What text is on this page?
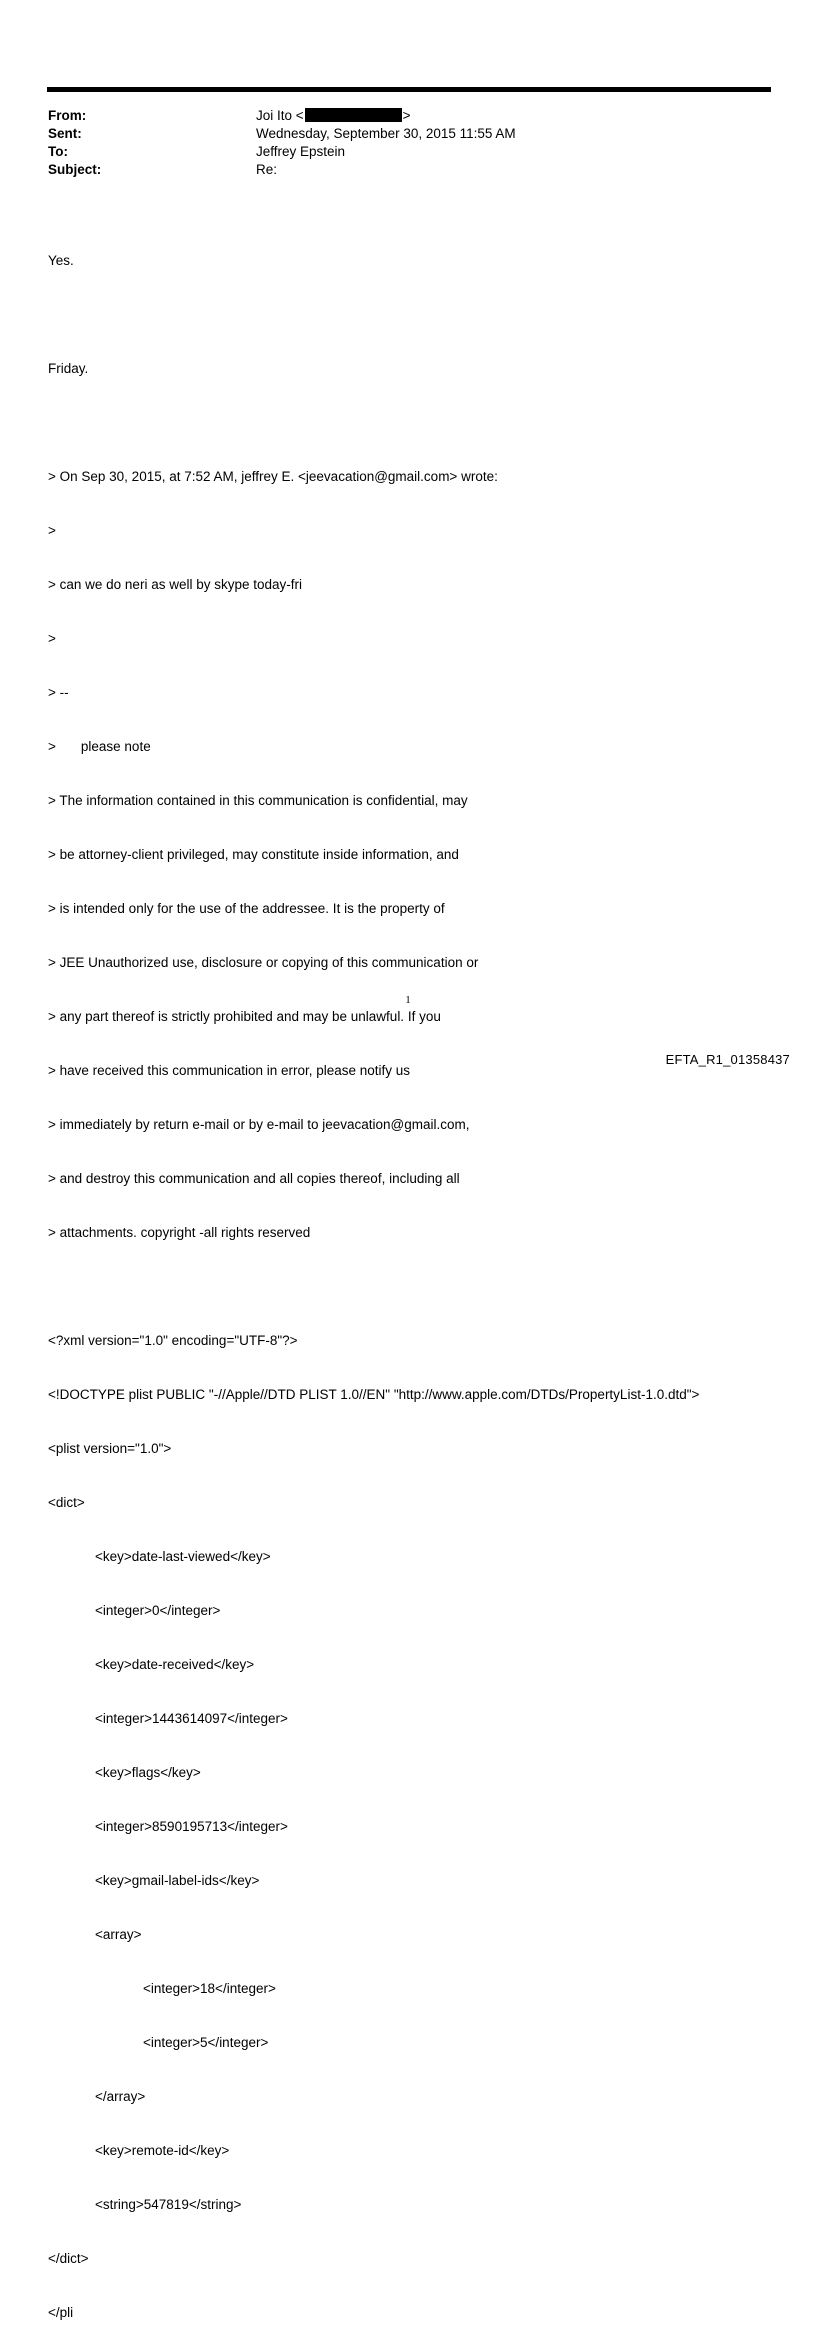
From:	Joi Ito <	>
Sent:	Wednesday, September 30, 2015 11:55 AM
To:	Jeffrey Epstein
Subject:	Re:

Yes.

Friday.

> On Sep 30, 2015, at 7:52 AM, jeffrey E. <jeevacation@gmail.com> wrote:

>

> can we do neri as well by skype today-fri

>

> --

> please note

> The information contained in this communication is confidential, may

> be attorney-client privileged, may constitute inside information, and

> is intended only for the use of the addressee. It is the property of

> JEE Unauthorized use, disclosure or copying of this communication or

> any part thereof is strictly prohibited and may be unlawful. If you

> have received this communication in error, please notify us

> immediately by return e-mail or by e-mail to jeevacation@gmail.com,

> and destroy this communication and all copies thereof, including all

> attachments. copyright -all rights reserved

<?xml version="1.0" encoding="UTF-8"?>

<!DOCTYPE plist PUBLIC "-//Apple//DTD PLIST 1.0//EN" "http://www.apple.com/DTDs/PropertyList-1.0.dtd">

<plist version="1.0">

<dict>

<key>date-last-viewed</key>

<integer>0</integer>

<key>date-received</key>

<integer>1443614097</integer>

<key>flags</key>

<integer>8590195713</integer>

<key>gmail-label-ids</key>

<array>

<integer>18</integer>

<integer>5</integer>

</array>

<key>remote-id</key>

<string>547819</string>

</dict>

</pli

1
EFTA_R1_01358437
